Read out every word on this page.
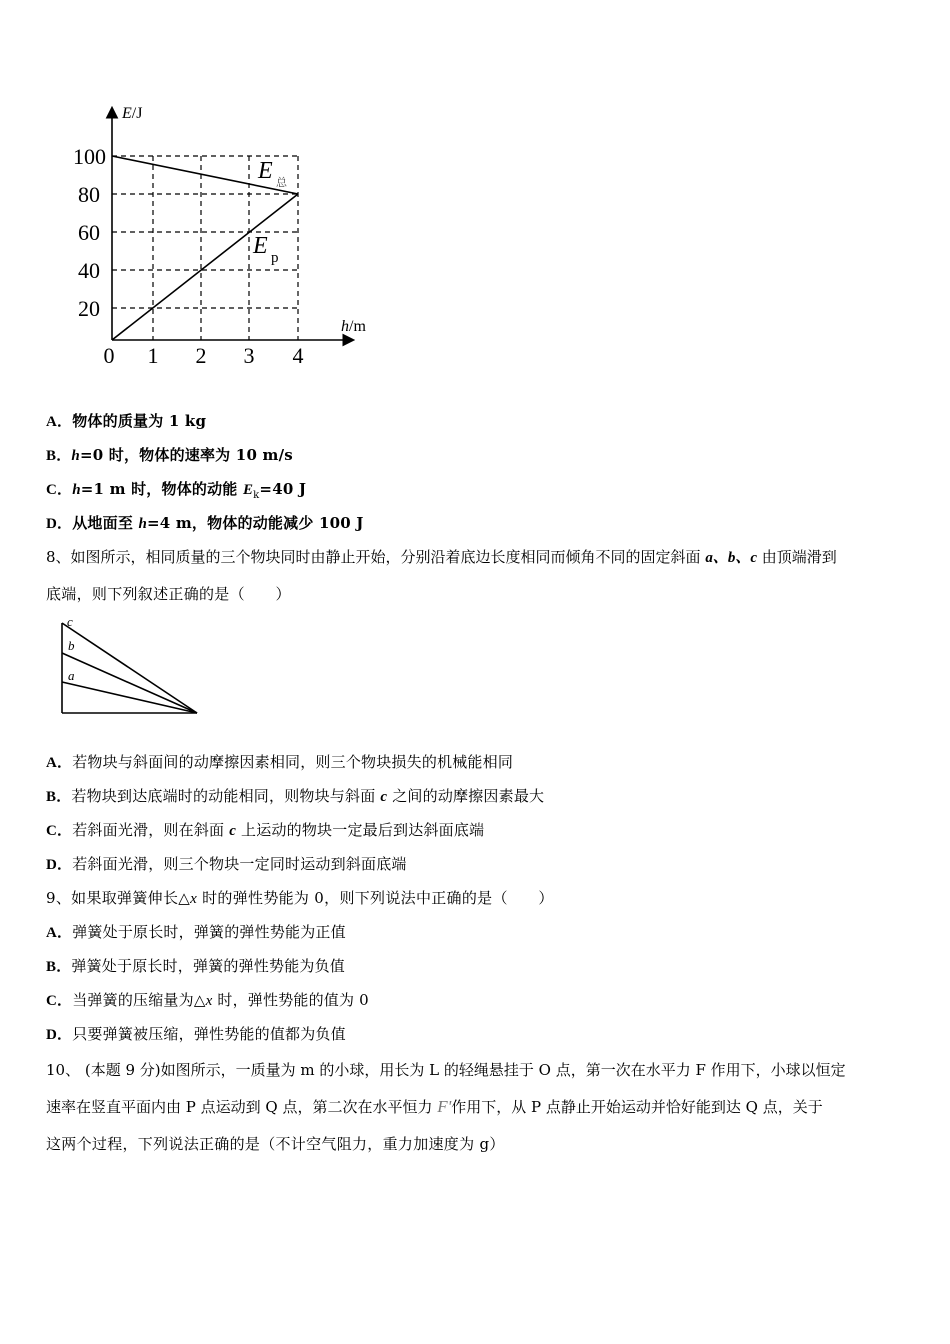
E/J
h/m
100
80
60
40
20
0 1 2 3 4
E 总
E p
A．物体的质量为 1 kg
B．h=0 时，物体的速率为 10 m/s
C．h=1 m 时，物体的动能 $E_k=40$ J
D．从地面至 h=4 m，物体的动能减少 100 J
8、如图所示，相同质量的三个物块同时由静止开始，分别沿着底边长度相同而倾角不同的固定斜面 a、b、c 由顶端滑到
底端，则下列叙述正确的是（　　）
a
b
c
A．若物块与斜面间的动摩擦因素相同，则三个物块损失的机械能相同
B．若物块到达底端时的动能相同，则物块与斜面 c 之间的动摩擦因素最大
C．若斜面光滑，则在斜面 c 上运动的物块一定最后到达斜面底端
D．若斜面光滑，则三个物块一定同时运动到斜面底端
9、如果取弹簧伸长△x 时的弹性势能为 0，则下列说法中正确的是（　　）
A．弹簧处于原长时，弹簧的弹性势能为正值
B．弹簧处于原长时，弹簧的弹性势能为负值
C．当弹簧的压缩量为△x 时，弹性势能的值为 0
D．只要弹簧被压缩，弹性势能的值都为负值
10、 (本题 9 分)如图所示，一质量为 m 的小球，用长为 L 的轻绳悬挂于 O 点，第一次在水平力 F 作用下，小球以恒定
速率在竖直平面内由 P 点运动到 Q 点，第二次在水平恒力 F'作用下，从 P 点静止开始运动并恰好能到达 Q 点，关于
这两个过程，下列说法正确的是（不计空气阻力，重力加速度为 g）
